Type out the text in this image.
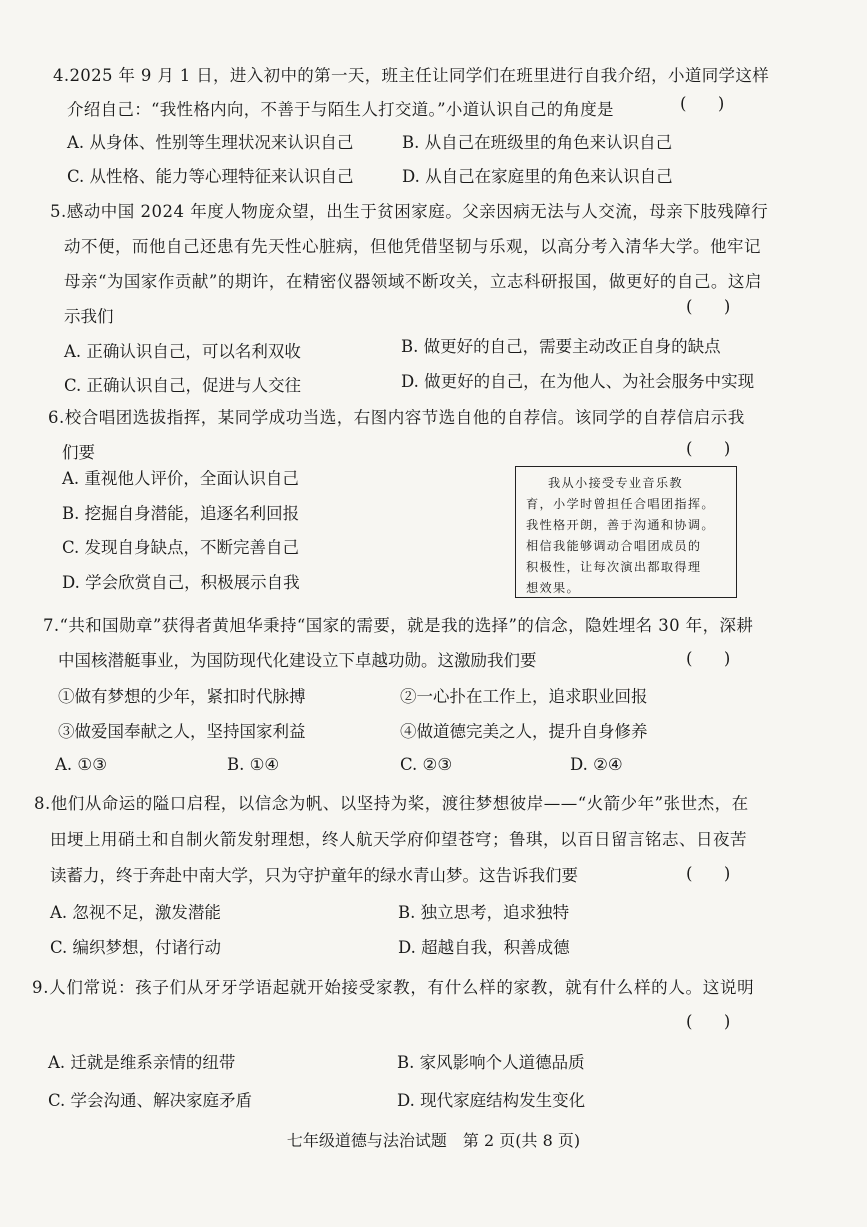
4.2025 年 9 月 1 日，进入初中的第一天，班主任让同学们在班里进行自我介绍，小道同学这样
介绍自己：“我性格内向，不善于与陌生人打交道。”小道认识自己的角度是	(      )
A. 从身体、性别等生理状况来认识自己	B. 从自己在班级里的角色来认识自己
C. 从性格、能力等心理特征来认识自己	D. 从自己在家庭里的角色来认识自己
5.感动中国 2024 年度人物庞众望，出生于贫困家庭。父亲因病无法与人交流，母亲下肢残障行
动不便，而他自己还患有先天性心脏病，但他凭借坚韧与乐观，以高分考入清华大学。他牢记
母亲“为国家作贡献”的期许，在精密仪器领域不断攻关，立志科研报国，做更好的自己。这启
示我们
(      )
A. 正确认识自己，可以名利双收	B. 做更好的自己，需要主动改正自身的缺点
C. 正确认识自己，促进与人交往	D. 做更好的自己，在为他人、为社会服务中实现
6.校合唱团选拔指挥，某同学成功当选，右图内容节选自他的自荐信。该同学的自荐信启示我
们要	(      )
A. 重视他人评价，全面认识自己
B. 挖掘自身潜能，追逐名利回报
C. 发现自身缺点，不断完善自己
D. 学会欣赏自己，积极展示自我
我从小接受专业音乐教
育，小学时曾担任合唱团指挥。
我性格开朗，善于沟通和协调。
相信我能够调动合唱团成员的
积极性，让每次演出都取得理
想效果。
7.“共和国勋章”获得者黄旭华秉持“国家的需要，就是我的选择”的信念，隐姓埋名 30 年，深耕
中国核潜艇事业，为国防现代化建设立下卓越功勋。这激励我们要	(      )
①做有梦想的少年，紧扣时代脉搏	②一心扑在工作上，追求职业回报
③做爱国奉献之人，坚持国家利益	④做道德完美之人，提升自身修养
A. ①③	B. ①④	C. ②③	D. ②④
8.他们从命运的隘口启程，以信念为帆、以坚持为桨，渡往梦想彼岸——“火箭少年”张世杰，在
田埂上用硝土和自制火箭发射理想，终人航天学府仰望苍穹；鲁琪，以百日留言铭志、日夜苦
读蓄力，终于奔赴中南大学，只为守护童年的绿水青山梦。这告诉我们要	(      )
A. 忽视不足，激发潜能	B. 独立思考，追求独特
C. 编织梦想，付诸行动	D. 超越自我，积善成德
9.人们常说：孩子们从牙牙学语起就开始接受家教，有什么样的家教，就有什么样的人。这说明
(      )
A. 迁就是维系亲情的纽带	B. 家风影响个人道德品质
C. 学会沟通、解决家庭矛盾	D. 现代家庭结构发生变化
七年级道德与法治试题　第 2 页(共 8 页)
